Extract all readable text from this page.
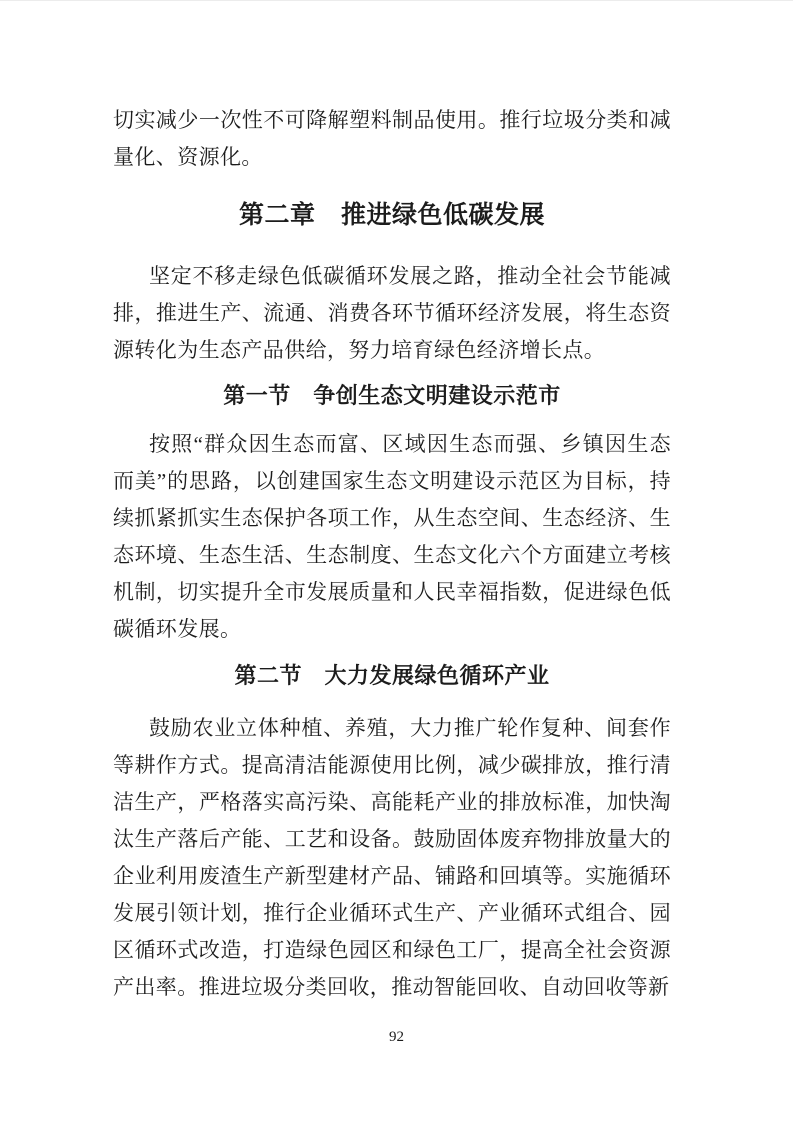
切实减少一次性不可降解塑料制品使用。推行垃圾分类和减量化、资源化。

第二章　推进绿色低碳发展

坚定不移走绿色低碳循环发展之路，推动全社会节能减排，推进生产、流通、消费各环节循环经济发展，将生态资源转化为生态产品供给，努力培育绿色经济增长点。

第一节　争创生态文明建设示范市

按照“群众因生态而富、区域因生态而强、乡镇因生态而美”的思路，以创建国家生态文明建设示范区为目标，持续抓紧抓实生态保护各项工作，从生态空间、生态经济、生态环境、生态生活、生态制度、生态文化六个方面建立考核机制，切实提升全市发展质量和人民幸福指数，促进绿色低碳循环发展。

第二节　大力发展绿色循环产业

鼓励农业立体种植、养殖，大力推广轮作复种、间套作等耕作方式。提高清洁能源使用比例，减少碳排放，推行清洁生产，严格落实高污染、高能耗产业的排放标准，加快淘汰生产落后产能、工艺和设备。鼓励固体废弃物排放量大的企业利用废渣生产新型建材产品、铺路和回填等。实施循环发展引领计划，推行企业循环式生产、产业循环式组合、园区循环式改造，打造绿色园区和绿色工厂，提高全社会资源产出率。推进垃圾分类回收，推动智能回收、自动回收等新

92
